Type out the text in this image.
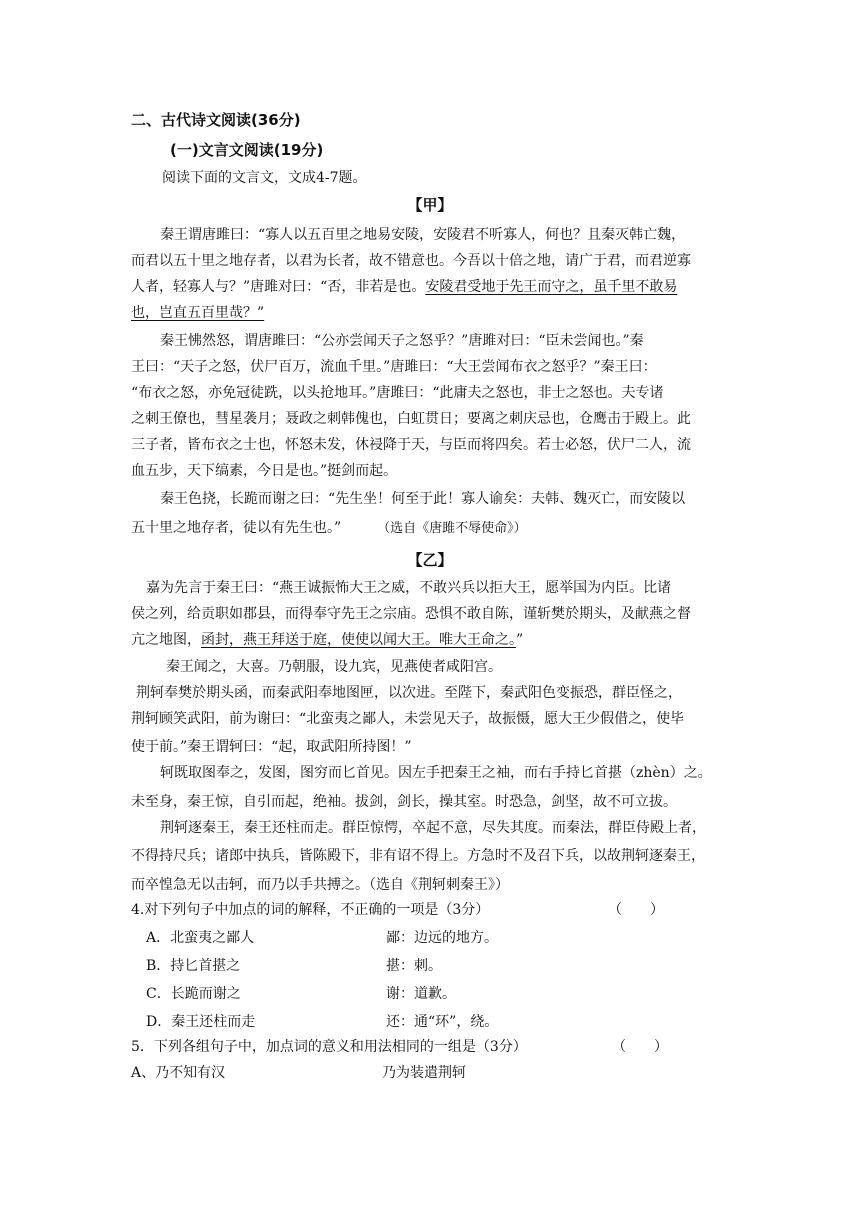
二、古代诗文阅读(36分)
(一)文言文阅读(19分)
阅读下面的文言文，文成4-7题。
【甲】
秦王谓唐雎曰：“寡人以五百里之地易安陵，安陵君不听寡人，何也？且秦灭韩亡魏，
而君以五十里之地存者，以君为长者，故不错意也。今吾以十倍之地，请广于君，而君逆寡
人者，轻寡人与？”唐雎对曰：“否，非若是也。安陵君受地于先王而守之，虽千里不敢易
也，岂直五百里哉？”
秦王怫然怒，谓唐雎曰：“公亦尝闻天子之怒乎？”唐雎对曰：“臣未尝闻也。”秦
王曰：“天子之怒，伏尸百万，流血千里。”唐雎曰：“大王尝闻布衣之怒乎？”秦王曰：
“布衣之怒，亦免冠徒跣，以头抢地耳。”唐雎曰：“此庸夫之怒也，非士之怒也。夫专诸
之刺王僚也，彗星袭月；聂政之刺韩傀也，白虹贯日；要离之刺庆忌也，仓鹰击于殿上。此
三子者，皆布衣之士也，怀怒未发，休祲降于天，与臣而将四矣。若士必怒，伏尸二人，流
血五步，天下缟素，今日是也。”挺剑而起。
秦王色挠，长跪而谢之曰：“先生坐！何至于此！寡人谕矣：夫韩、魏灭亡，而安陵以
五十里之地存者，徒以有先生也。”	（选自《唐雎不辱使命》）
【乙】
嘉为先言于秦王曰：“燕王诚振怖大王之威，不敢兴兵以拒大王，愿举国为内臣。比诸
侯之列，给贡职如郡县，而得奉守先王之宗庙。恐惧不敢自陈，谨斩樊於期头，及献燕之督
亢之地图，函封，燕王拜送于庭，使使以闻大王。唯大王命之。”
秦王闻之，大喜。乃朝服，设九宾，见燕使者咸阳宫。
荆轲奉樊於期头函，而秦武阳奉地图匣，以次进。至陛下，秦武阳色变振恐，群臣怪之，
荆轲顾笑武阳，前为谢曰：“北蛮夷之鄙人，未尝见天子，故振慑，愿大王少假借之，使毕
使于前。”秦王谓轲曰：“起，取武阳所持图！”
轲既取图奉之，发图，图穷而匕首见。因左手把秦王之袖，而右手持匕首揕（zhèn）之。
未至身，秦王惊，自引而起，绝袖。拔剑，剑长，操其室。时恐急，剑坚，故不可立拔。
荆轲逐秦王，秦王还柱而走。群臣惊愕，卒起不意，尽失其度。而秦法，群臣侍殿上者，
不得持尺兵；诸郎中执兵，皆陈殿下，非有诏不得上。方急时不及召下兵，以故荆轲逐秦王，
而卒惶急无以击轲，而乃以手共搏之。（选自《荆轲刺秦王》）
4.对下列句子中加点的词的解释，不正确的一项是（3分）	（　　）
A．北蛮夷之鄙人	鄙：边远的地方。
B．持匕首揕之	揕：刺。
C．长跪而谢之	谢：道歉。
D．秦王还柱而走	还：通“环”，绕。
5．下列各组句子中，加点词的意义和用法相同的一组是（3分）	（　　）
A、乃不知有汉	乃为装遣荆轲
